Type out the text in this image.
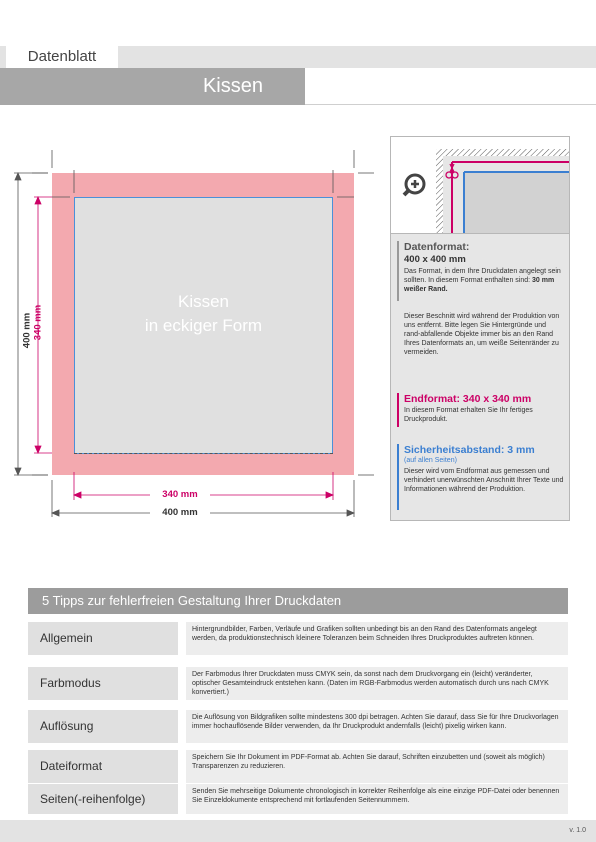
Datenblatt
Kissen
Kissen
in eckiger Form
400 mm
340 mm
400 mm 340 mm
Datenformat:
400 x 400 mm
Das Format, in dem Ihre Druckdaten angelegt sein sollten. In diesem Format enthalten sind: 30 mm weißer Rand.
Dieser Beschnitt wird während der Produktion von uns entfernt. Bitte legen Sie Hintergründe und rand-abfallende Objekte immer bis an den Rand Ihres Datenformats an, um weiße Seitenränder zu vermeiden.
Endformat: 340 x 340 mm
In diesem Format erhalten Sie Ihr fertiges Druckprodukt.
Sicherheitsabstand: 3 mm
(auf allen Seiten)
Dieser wird vom Endformat aus gemessen und verhindert unerwünschten Anschnitt Ihrer Texte und Informationen während der Produktion.
5 Tipps zur fehlerfreien Gestaltung Ihrer Druckdaten
Allgemein
Hintergrundbilder, Farben, Verläufe und Grafiken sollten unbedingt bis an den Rand des Datenformats angelegt werden, da produktionstechnisch kleinere Toleranzen beim Schneiden Ihres Druckproduktes auftreten können.
Farbmodus
Der Farbmodus Ihrer Druckdaten muss CMYK sein, da sonst nach dem Druckvorgang ein (leicht) veränderter, optischer Gesamteindruck entstehen kann. (Daten im RGB-Farbmodus werden automatisch durch uns nach CMYK konvertiert.)
Auflösung
Die Auflösung von Bildgrafiken sollte mindestens 300 dpi betragen. Achten Sie darauf, dass Sie für Ihre Druckvorlagen immer hochauflösende Bilder verwenden, da Ihr Druckprodukt andernfalls (leicht) pixelig wirken kann.
Dateiformat
Speichern Sie Ihr Dokument im PDF-Format ab. Achten Sie darauf, Schriften einzubetten und (soweit als möglich) Transparenzen zu reduzieren.
Seiten(-reihenfolge)
Senden Sie mehrseitige Dokumente chronologisch in korrekter Reihenfolge als eine einzige PDF-Datei oder benennen Sie Einzeldokumente entsprechend mit fortlaufenden Seitennummern.
v. 1.0
